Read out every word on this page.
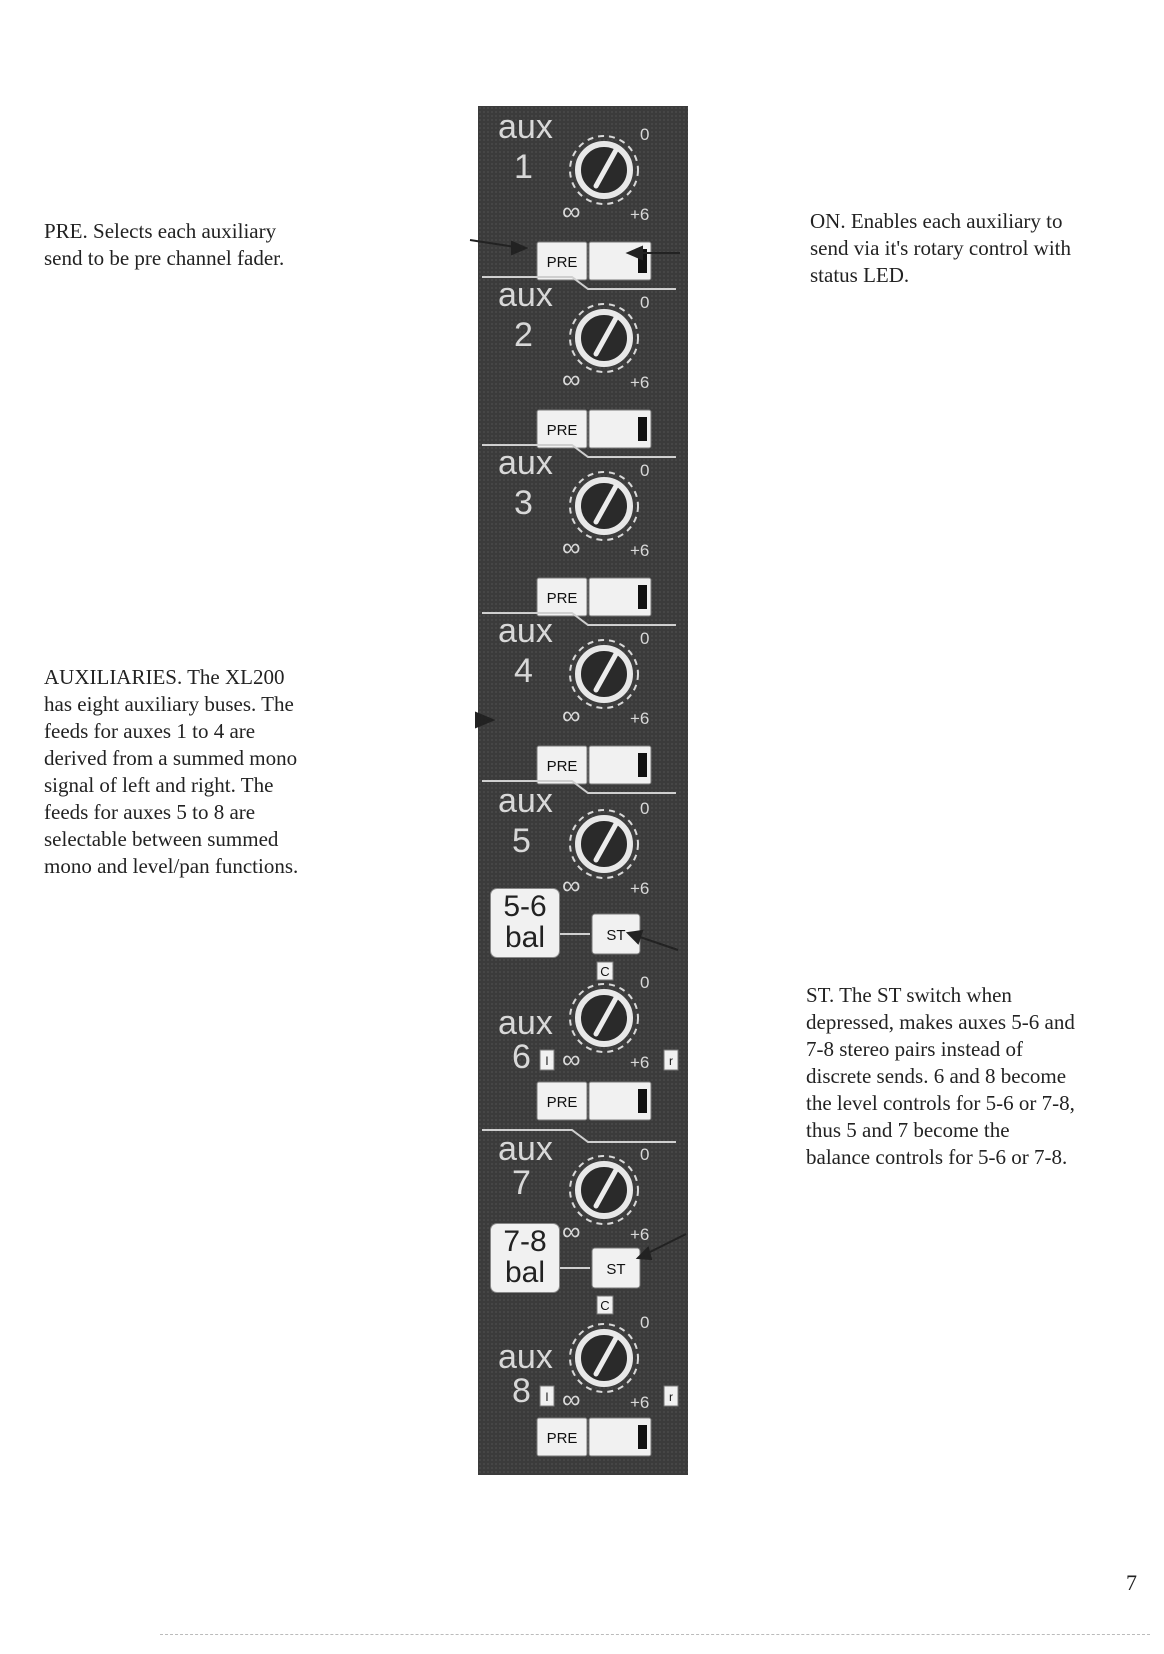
PRE. Selects each auxiliary
send to be pre channel fader.

ON. Enables each auxiliary to
send via it's rotary control with
status LED.

AUXILIARIES. The XL200
has eight auxiliary buses. The
feeds for auxes 1 to 4 are
derived from a summed mono
signal of left and right. The
feeds for auxes 5 to 8 are
selectable between summed
mono and level/pan functions.

ST. The ST switch when
depressed, makes auxes 5-6 and
7-8 stereo pairs instead of
discrete sends. 6 and 8 become
the level controls for 5-6 or 7-8,
thus 5 and 7 become the
balance controls for 5-6 or 7-8.

aux
1
0
∞	+6
PRE
aux
2
0
∞	+6
PRE
aux
3
0
∞	+6
PRE
aux
4
0
∞	+6
PRE
aux
5
0
∞	+6
ST
C
aux
6
0
∞	+6
l	r
PRE
aux
7
0
∞	+6
ST
C
aux
8
0
∞	+6
l	r
PRE
5-6
bal
7-8
bal

7
